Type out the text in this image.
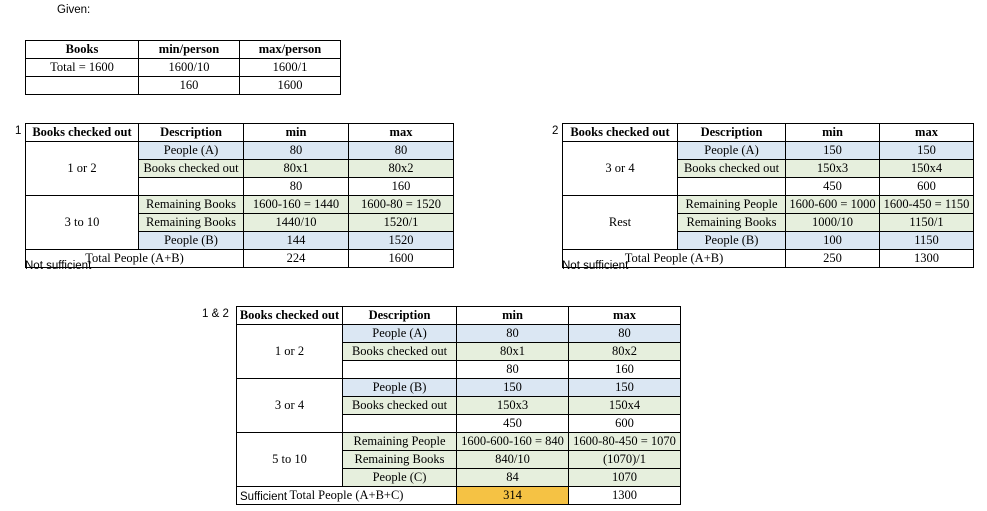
Given:
Books	min/person	max/person
Total = 1600	1600/10	1600/1
	160	1600
1 Books checked out	Description	min	max
1 or 2	People (A)	80	80
	Books checked out	80x1	80x2
		80	160
3 to 10	Remaining Books	1600-160 = 1440	1600-80 = 1520
	Remaining Books	1440/10	1520/1
	People (B)	144	1520
Total People (A+B)		224	1600
Not sufficient
2 Books checked out	Description	min	max
3 or 4	People (A)	150	150
	Books checked out	150x3	150x4
		450	600
Rest	Remaining People	1600-600 = 1000	1600-450 = 1150
	Remaining Books	1000/10	1150/1
	People (B)	100	1150
Total People (A+B)		250	1300
Not sufficient
1 & 2 Books checked out	Description	min	max
1 or 2	People (A)	80	80
	Books checked out	80x1	80x2
		80	160
3 or 4	People (B)	150	150
	Books checked out	150x3	150x4
		450	600
5 to 10	Remaining People	1600-600-160 = 840	1600-80-450 = 1070
	Remaining Books	840/10	(1070)/1
	People (C)	84	1070
Total People (A+B+C)		314	1300
Sufficient
